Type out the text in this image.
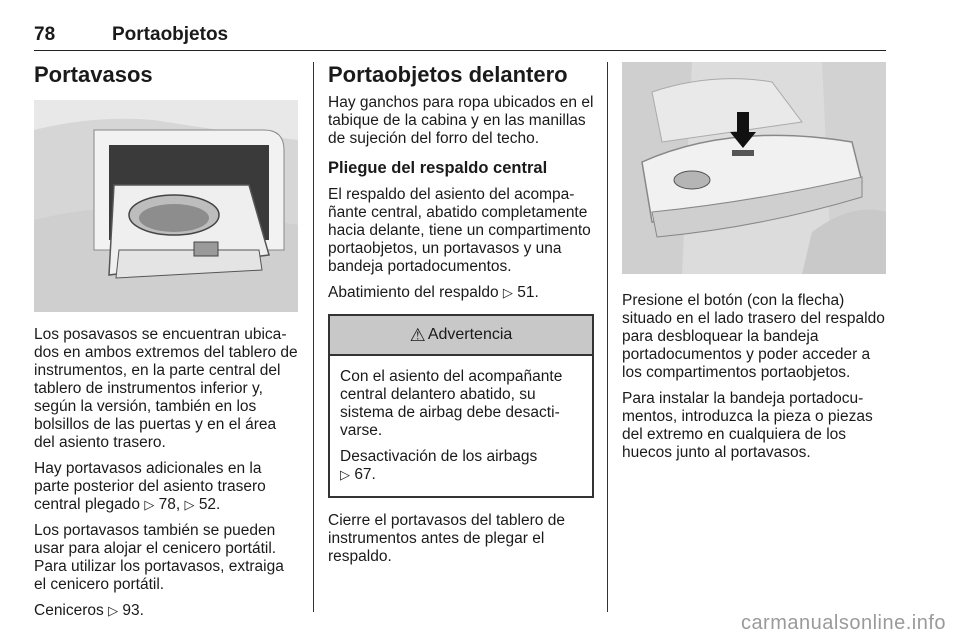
78	Portaobjetos
Portavasos

Los posavasos se encuentran ubicados en ambos extremos del tablero de instrumentos, en la parte central del tablero de instrumentos inferior y, según la versión, también en los bolsillos de las puertas y en el área del asiento trasero.

Hay portavasos adicionales en la parte posterior del asiento trasero central plegado ▷ 78, ▷ 52.

Los portavasos también se pueden usar para alojar el cenicero portátil. Para utilizar los portavasos, extraiga el cenicero portátil.

Ceniceros ▷ 93.

Portaobjetos delantero

Hay ganchos para ropa ubicados en el tabique de la cabina y en las manillas de sujeción del forro del techo.

Pliegue del respaldo central

El respaldo del asiento del acompañante central, abatido completamente hacia delante, tiene un compartimento portaobjetos, un portavasos y una bandeja portadocumentos.

Abatimiento del respaldo ▷ 51.

⚠ Advertencia

Con el asiento del acompañante central delantero abatido, su sistema de airbag debe desactivarse.

Desactivación de los airbags
▷ 67.

Cierre el portavasos del tablero de instrumentos antes de plegar el respaldo.

Presione el botón (con la flecha) situado en el lado trasero del respaldo para desbloquear la bandeja portadocumentos y poder acceder a los compartimentos portaobjetos.

Para instalar la bandeja portadocumentos, introduzca la pieza o piezas del extremo en cualquiera de los huecos junto al portavasos.

carmanualsonline.info
